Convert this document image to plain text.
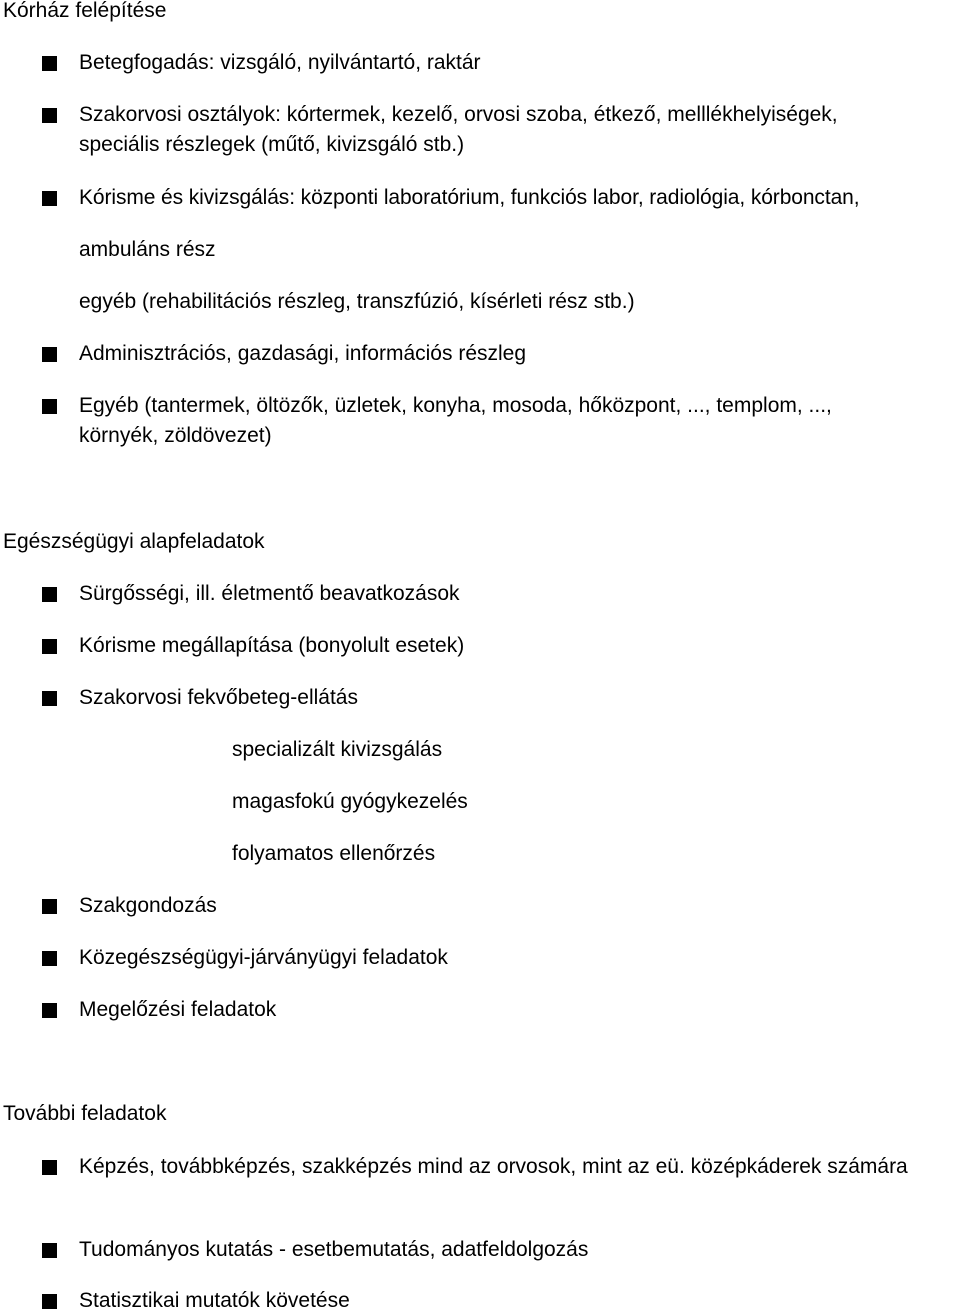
Kórház felépítése
Betegfogadás: vizsgáló, nyilvántartó, raktár
Szakorvosi osztályok: kórtermek, kezelő, orvosi szoba, étkező, melllékhelyiségek, speciális részlegek (műtő, kivizsgáló stb.)
Kórisme és kivizsgálás: központi laboratórium, funkciós labor, radiológia, kórbonctan,
ambuláns rész
egyéb (rehabilitációs részleg, transzfúzió, kísérleti rész stb.)
Adminisztrációs, gazdasági, információs részleg
Egyéb (tantermek, öltözők, üzletek, konyha, mosoda, hőközpont, ..., templom, ..., környék, zöldövezet)
Egészségügyi alapfeladatok
Sürgősségi, ill. életmentő beavatkozások
Kórisme megállapítása (bonyolult esetek)
Szakorvosi fekvőbeteg-ellátás
specializált kivizsgálás
magasfokú gyógykezelés
folyamatos ellenőrzés
Szakgondozás
Közegészségügyi-járványügyi feladatok
Megelőzési feladatok
További feladatok
Képzés, továbbképzés, szakképzés mind az orvosok, mint az eü. középkáderek számára
Tudományos kutatás - esetbemutatás, adatfeldolgozás
Statisztikai mutatók követése
